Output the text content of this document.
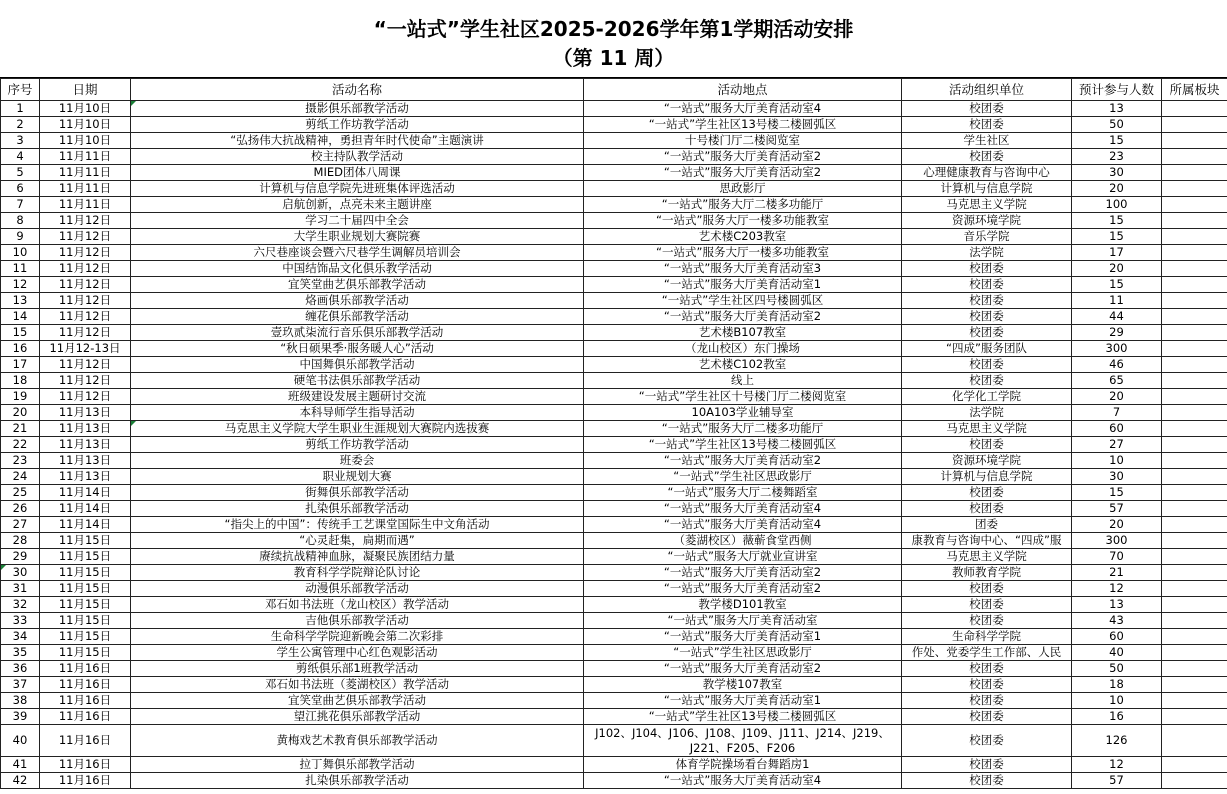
“一站式”学生社区2025-2026学年第1学期活动安排
（第 11 周）
序号	日期	活动名称	活动地点	活动组织单位	预计参与人数	所属板块
1	11月10日	摄影俱乐部教学活动	“一站式”服务大厅美育活动室4	校团委	13	
2	11月10日	剪纸工作坊教学活动	“一站式”学生社区13号楼二楼圆弧区	校团委	50	
3	11月10日	“弘扬伟大抗战精神，勇担青年时代使命”主题演讲	十号楼门厅二楼阅览室	学生社区	15	
4	11月11日	校主持队教学活动	“一站式”服务大厅美育活动室2	校团委	23	
5	11月11日	MIED团体八周课	“一站式”服务大厅美育活动室2	心理健康教育与咨询中心	30	
6	11月11日	计算机与信息学院先进班集体评选活动	思政影厅	计算机与信息学院	20	
7	11月11日	启航创新，点亮未来主题讲座	“一站式”服务大厅二楼多功能厅	马克思主义学院	100	
8	11月12日	学习二十届四中全会	“一站式”服务大厅一楼多功能教室	资源环境学院	15	
9	11月12日	大学生职业规划大赛院赛	艺术楼C203教室	音乐学院	15	
10	11月12日	六尺巷座谈会暨六尺巷学生调解员培训会	“一站式”服务大厅一楼多功能教室	法学院	17	
11	11月12日	中国结饰品文化俱乐教学活动	“一站式”服务大厅美育活动室3	校团委	20	
12	11月12日	宜笑堂曲艺俱乐部教学活动	“一站式”服务大厅美育活动室1	校团委	15	
13	11月12日	烙画俱乐部教学活动	“一站式”学生社区四号楼圆弧区	校团委	11	
14	11月12日	缠花俱乐部教学活动	“一站式”服务大厅美育活动室2	校团委	44	
15	11月12日	壹玖贰柒流行音乐俱乐部教学活动	艺术楼B107教室	校团委	29	
16	11月12-13日	“秋日硕果季·服务暖人心”活动	（龙山校区）东门操场	“四成”服务团队	300	
17	11月12日	中国舞俱乐部教学活动	艺术楼C102教室	校团委	46	
18	11月12日	硬笔书法俱乐部教学活动	线上	校团委	65	
19	11月12日	班级建设发展主题研讨交流	“一站式”学生社区十号楼门厅二楼阅览室	化学化工学院	20	
20	11月13日	本科导师学生指导活动	10A103学业辅导室	法学院	7	
21	11月13日	马克思主义学院大学生职业生涯规划大赛院内选拔赛	“一站式”服务大厅二楼多功能厅	马克思主义学院	60	
22	11月13日	剪纸工作坊教学活动	“一站式”学生社区13号楼二楼圆弧区	校团委	27	
23	11月13日	班委会	“一站式”服务大厅美育活动室2	资源环境学院	10	
24	11月13日	职业规划大赛	“一站式”学生社区思政影厅	计算机与信息学院	30	
25	11月14日	街舞俱乐部教学活动	“一站式”服务大厅二楼舞蹈室	校团委	15	
26	11月14日	扎染俱乐部教学活动	“一站式”服务大厅美育活动室4	校团委	57	
27	11月14日	“指尖上的中国”：传统手工艺课堂国际生中文角活动	“一站式”服务大厅美育活动室4	团委	20	
28	11月15日	“心灵赶集，扃期而遇”	（菱湖校区）薇蕲食堂西侧	康教育与咨询中心、“四成”服	300	
29	11月15日	赓续抗战精神血脉，凝聚民族团结力量	“一站式”服务大厅就业宣讲室	马克思主义学院	70	
30	11月15日	教育科学学院辩论队讨论	“一站式”服务大厅美育活动室2	教师教育学院	21	
31	11月15日	动漫俱乐部教学活动	“一站式”服务大厅美育活动室2	校团委	12	
32	11月15日	邓石如书法班（龙山校区）教学活动	教学楼D101教室	校团委	13	
33	11月15日	吉他俱乐部教学活动	“一站式”服务大厅美育活动室	校团委	43	
34	11月15日	生命科学学院迎新晚会第二次彩排	“一站式”服务大厅美育活动室1	生命科学学院	60	
35	11月15日	学生公寓管理中心红色观影活动	“一站式”学生社区思政影厅	作处、党委学生工作部、人民	40	
36	11月16日	剪纸俱乐部1班教学活动	“一站式”服务大厅美育活动室2	校团委	50	
37	11月16日	邓石如书法班（菱湖校区）教学活动	教学楼107教室	校团委	18	
38	11月16日	宜笑堂曲艺俱乐部教学活动	“一站式”服务大厅美育活动室1	校团委	10	
39	11月16日	望江挑花俱乐部教学活动	“一站式”学生社区13号楼二楼圆弧区	校团委	16	
40	11月16日	黄梅戏艺术教育俱乐部教学活动	J102、J104、J106、J108、J109、J111、J214、J219、J221、F205、F206	校团委	126	
41	11月16日	拉丁舞俱乐部教学活动	体育学院操场看台舞蹈房1	校团委	12	
42	11月16日	扎染俱乐部教学活动	“一站式”服务大厅美育活动室4	校团委	57	
